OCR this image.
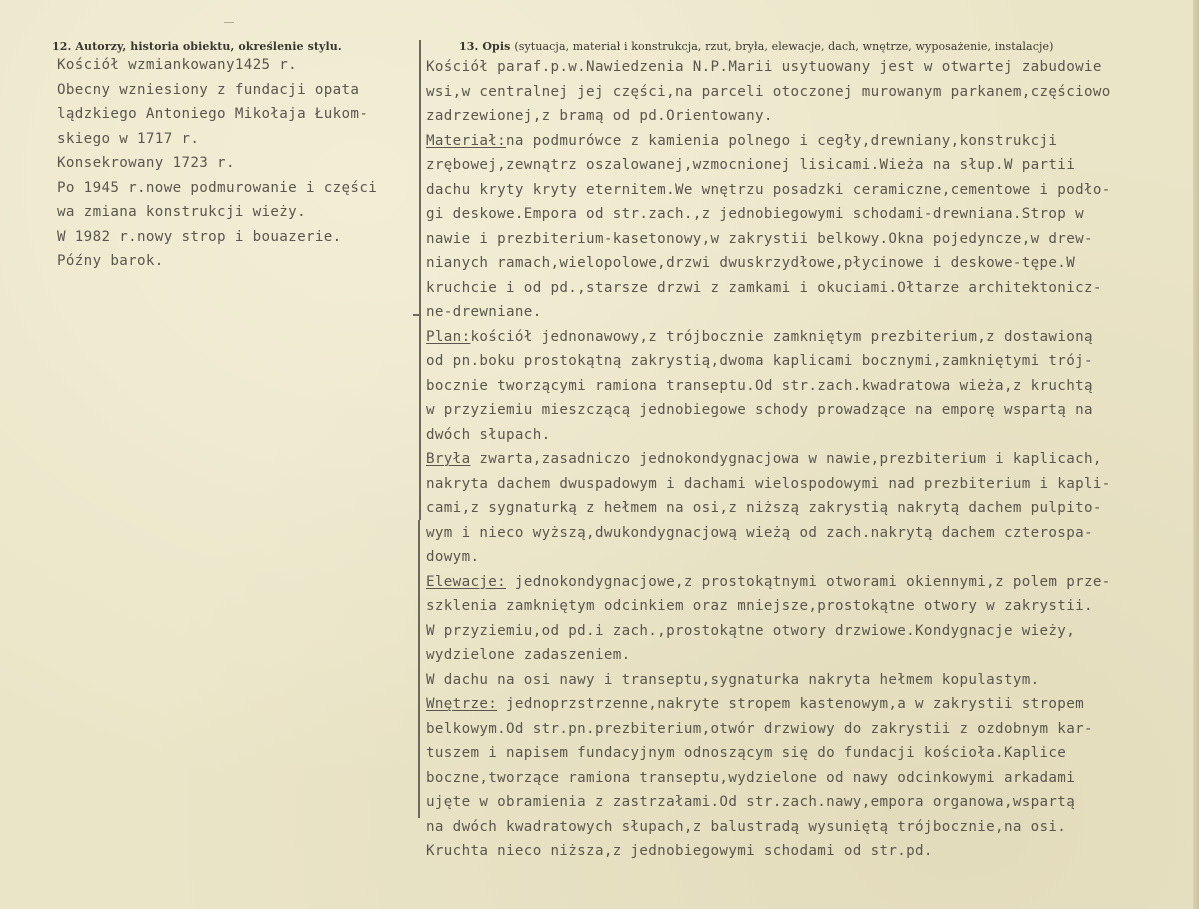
12. Autorzy, historia obiektu, określenie stylu.	13. Opis (sytuacja, materiał i konstrukcja, rzut, bryła, elewacje, dach, wnętrze, wyposażenie, instalacje)
Kościół wzmiankowany1425 r.
Obecny wzniesiony z fundacji opata
lądzkiego Antoniego Mikołaja Łukom-
skiego w 1717 r.
Konsekrowany 1723 r.
Po 1945 r.nowe podmurowanie i części
wa zmiana konstrukcji wieży.
W 1982 r.nowy strop i bouazerie.
Późny barok.
Kościół paraf.p.w.Nawiedzenia N.P.Marii usytuowany jest w otwartej zabudowie
wsi,w centralnej jej części,na parceli otoczonej murowanym parkanem,częściowo
zadrzewionej,z bramą od pd.Orientowany.
Materiał:na podmurówce z kamienia polnego i cegły,drewniany,konstrukcji
zrębowej,zewnątrz oszalowanej,wzmocnionej lisicami.Wieża na słup.W partii
dachu kryty kryty eternitem.We wnętrzu posadzki ceramiczne,cementowe i podło-
gi deskowe.Empora od str.zach.,z jednobiegowymi schodami-drewniana.Strop w
nawie i prezbiterium-kasetonowy,w zakrystii belkowy.Okna pojedyncze,w drew-
nianych ramach,wielopolowe,drzwi dwuskrzydłowe,płycinowe i deskowe-tępe.W
kruchcie i od pd.,starsze drzwi z zamkami i okuciami.Ołtarze architektonicz-
ne-drewniane.
Plan:kościół jednonawowy,z trójbocznie zamkniętym prezbiterium,z dostawioną
od pn.boku prostokątną zakrystią,dwoma kaplicami bocznymi,zamkniętymi trój-
bocznie tworzącymi ramiona transeptu.Od str.zach.kwadratowa wieża,z kruchtą
w przyziemiu mieszczącą jednobiegowe schody prowadzące na emporę wspartą na
dwóch słupach.
Bryła zwarta,zasadniczo jednokondygnacjowa w nawie,prezbiterium i kaplicach,
nakryta dachem dwuspadowym i dachami wielospodowymi nad prezbiterium i kapli-
cami,z sygnaturką z hełmem na osi,z niższą zakrystią nakrytą dachem pulpito-
wym i nieco wyższą,dwukondygnacjową wieżą od zach.nakrytą dachem czterospa-
dowym.
Elewacje: jednokondygnacjowe,z prostokątnymi otworami okiennymi,z polem prze-
szklenia zamkniętym odcinkiem oraz mniejsze,prostokątne otwory w zakrystii.
W przyziemiu,od pd.i zach.,prostokątne otwory drzwiowe.Kondygnacje wieży,
wydzielone zadaszeniem.
W dachu na osi nawy i transeptu,sygnaturka nakryta hełmem kopulastym.
Wnętrze: jednoprzstrzenne,nakryte stropem kastenowym,a w zakrystii stropem
belkowym.Od str.pn.prezbiterium,otwór drzwiowy do zakrystii z ozdobnym kar-
tuszem i napisem fundacyjnym odnoszącym się do fundacji kościoła.Kaplice
boczne,tworzące ramiona transeptu,wydzielone od nawy odcinkowymi arkadami
ujęte w obramienia z zastrzałami.Od str.zach.nawy,empora organowa,wspartą
na dwóch kwadratowych słupach,z balustradą wysuniętą trójbocznie,na osi.
Kruchta nieco niższa,z jednobiegowymi schodami od str.pd.
